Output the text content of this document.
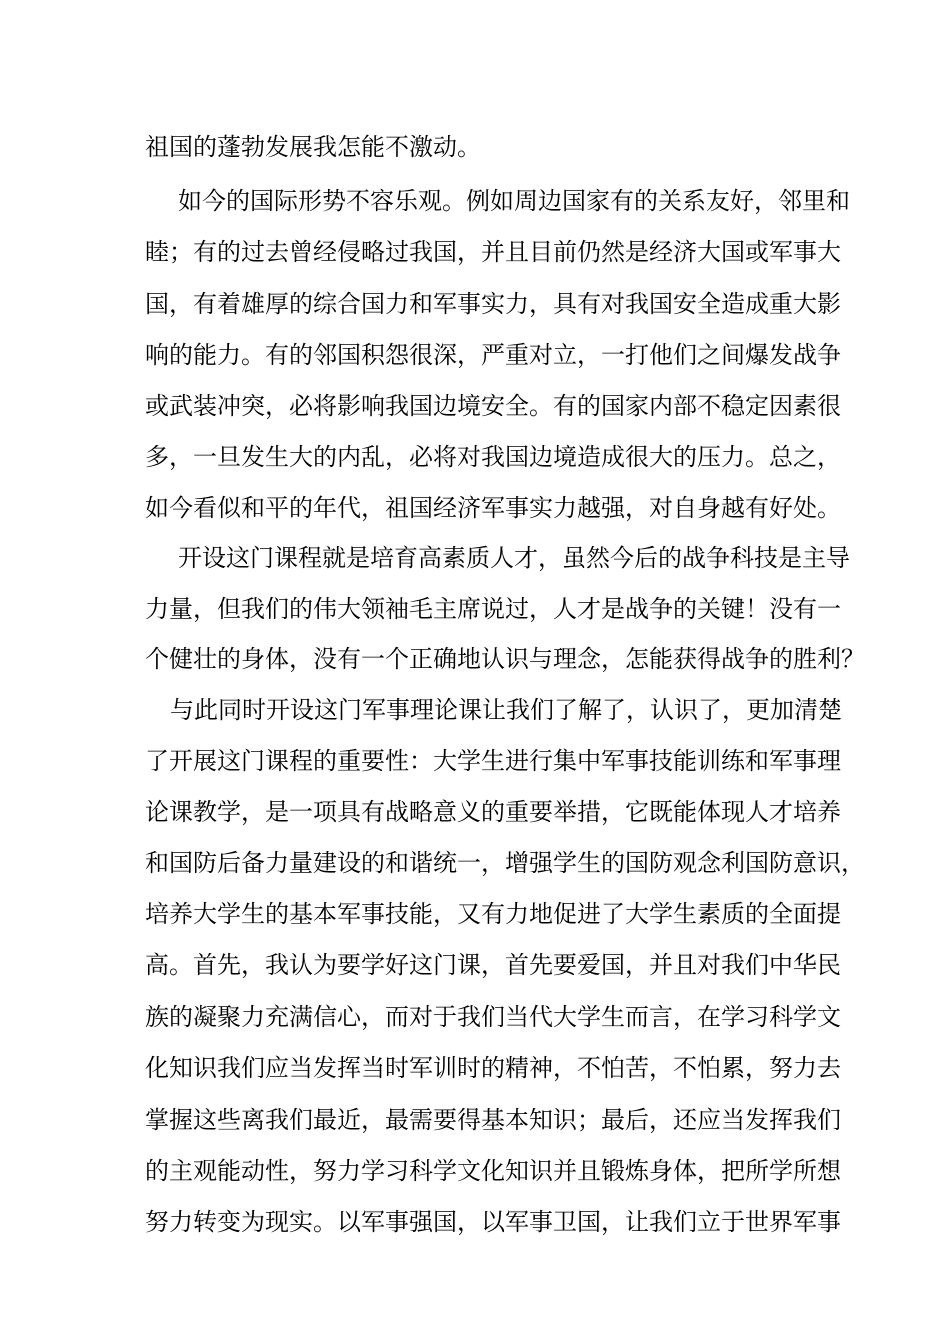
祖国的蓬勃发展我怎能不激动。
如今的国际形势不容乐观。例如周边国家有的关系友好，邻里和
睦；有的过去曾经侵略过我国，并且目前仍然是经济大国或军事大
国，有着雄厚的综合国力和军事实力，具有对我国安全造成重大影
响的能力。有的邻国积怨很深，严重对立，一打他们之间爆发战争
或武装冲突，必将影响我国边境安全。有的国家内部不稳定因素很
多，一旦发生大的内乱，必将对我国边境造成很大的压力。总之，
如今看似和平的年代，祖国经济军事实力越强，对自身越有好处。
开设这门课程就是培育高素质人才，虽然今后的战争科技是主导
力量，但我们的伟大领袖毛主席说过，人才是战争的关键！没有一
个健壮的身体，没有一个正确地认识与理念，怎能获得战争的胜利？
与此同时开设这门军事理论课让我们了解了，认识了，更加清楚
了开展这门课程的重要性：大学生进行集中军事技能训练和军事理
论课教学，是一项具有战略意义的重要举措，它既能体现人才培养
和国防后备力量建设的和谐统一，增强学生的国防观念利国防意识，
培养大学生的基本军事技能，又有力地促进了大学生素质的全面提
高。首先，我认为要学好这门课，首先要爱国，并且对我们中华民
族的凝聚力充满信心，而对于我们当代大学生而言，在学习科学文
化知识我们应当发挥当时军训时的精神，不怕苦，不怕累，努力去
掌握这些离我们最近，最需要得基本知识；最后，还应当发挥我们
的主观能动性，努力学习科学文化知识并且锻炼身体，把所学所想
努力转变为现实。以军事强国，以军事卫国，让我们立于世界军事
